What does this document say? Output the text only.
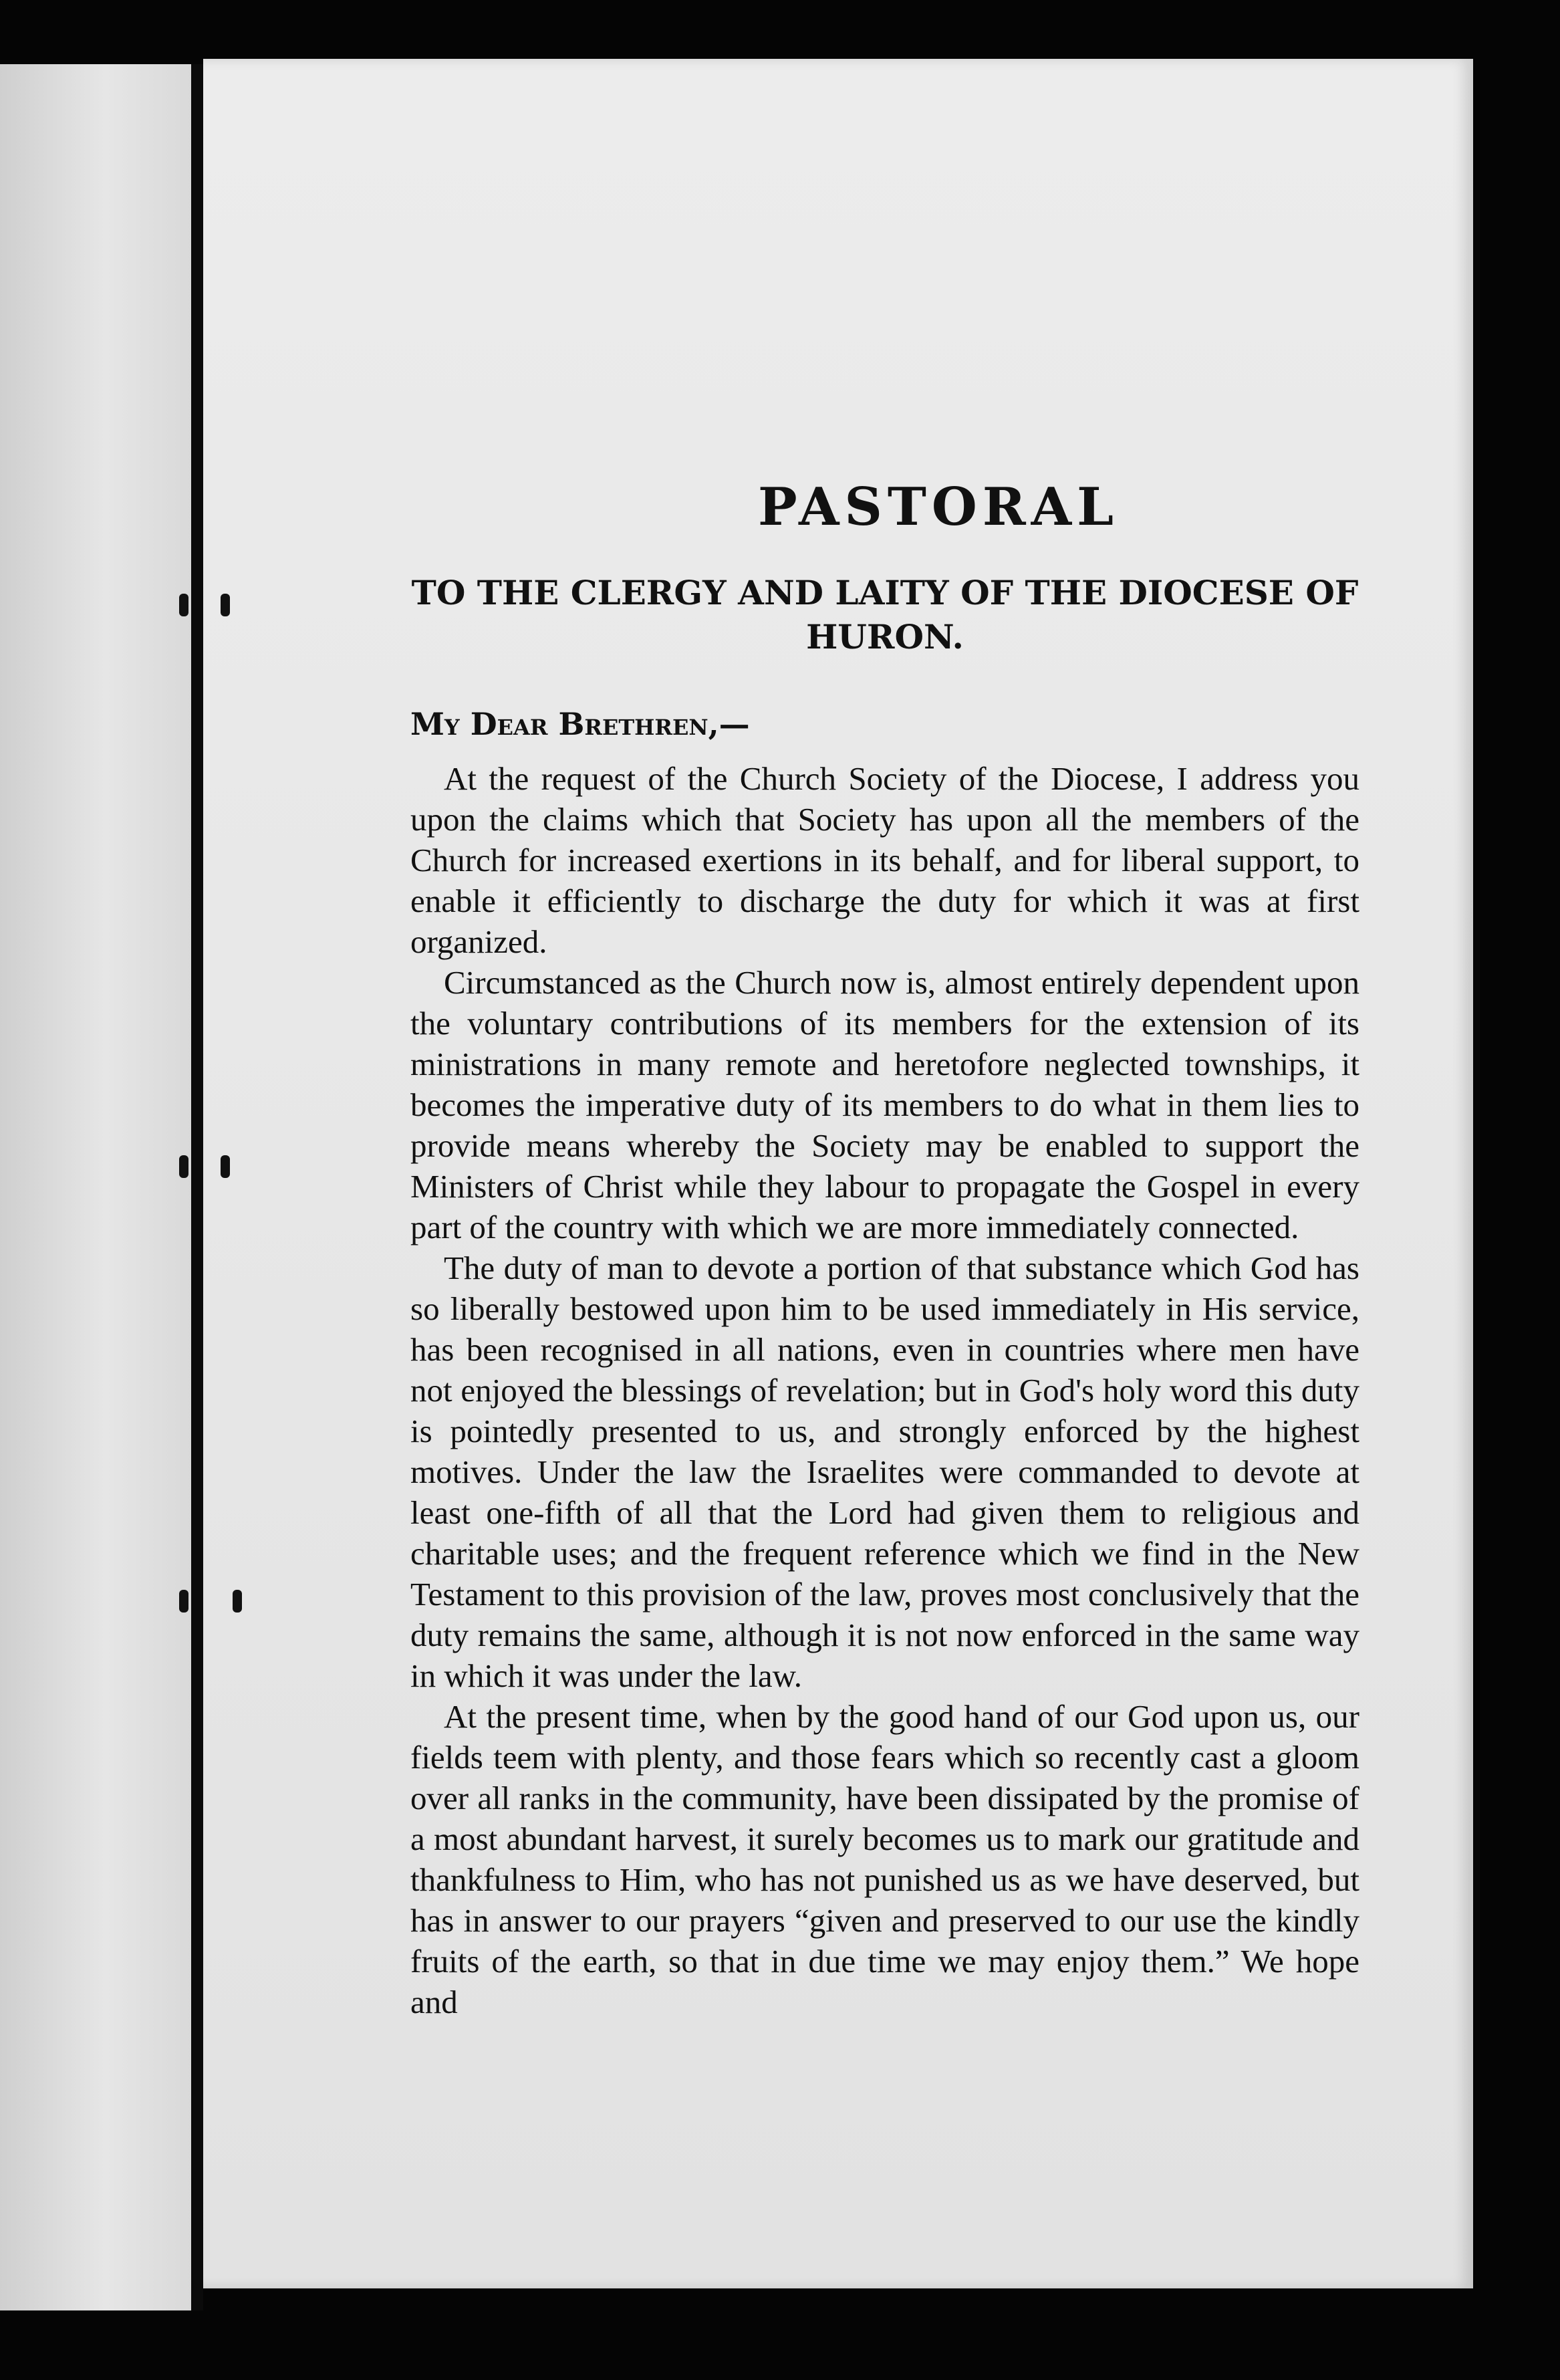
PASTORAL
TO THE CLERGY AND LAITY OF THE DIOCESE OF HURON.
My Dear Brethren,—

At the request of the Church Society of the Diocese, I address you upon the claims which that Society has upon all the members of the Church for increased exertions in its behalf, and for liberal support, to enable it efficiently to discharge the duty for which it was at first organized.

Circumstanced as the Church now is, almost entirely dependent upon the voluntary contributions of its members for the extension of its ministrations in many remote and heretofore neglected townships, it becomes the imperative duty of its members to do what in them lies to provide means whereby the Society may be enabled to support the Ministers of Christ while they labour to propagate the Gospel in every part of the country with which we are more immediately connected.

The duty of man to devote a portion of that substance which God has so liberally bestowed upon him to be used immediately in His service, has been recognised in all nations, even in countries where men have not enjoyed the blessings of revelation; but in God's holy word this duty is pointedly presented to us, and strongly enforced by the highest motives. Under the law the Israelites were commanded to devote at least one-fifth of all that the Lord had given them to religious and charitable uses; and the frequent reference which we find in the New Testament to this provision of the law, proves most conclusively that the duty remains the same, although it is not now enforced in the same way in which it was under the law.

At the present time, when by the good hand of our God upon us, our fields teem with plenty, and those fears which so recently cast a gloom over all ranks in the community, have been dissipated by the promise of a most abundant harvest, it surely becomes us to mark our gratitude and thankfulness to Him, who has not punished us as we have deserved, but has in answer to our prayers “given and preserved to our use the kindly fruits of the earth, so that in due time we may enjoy them.” We hope and
